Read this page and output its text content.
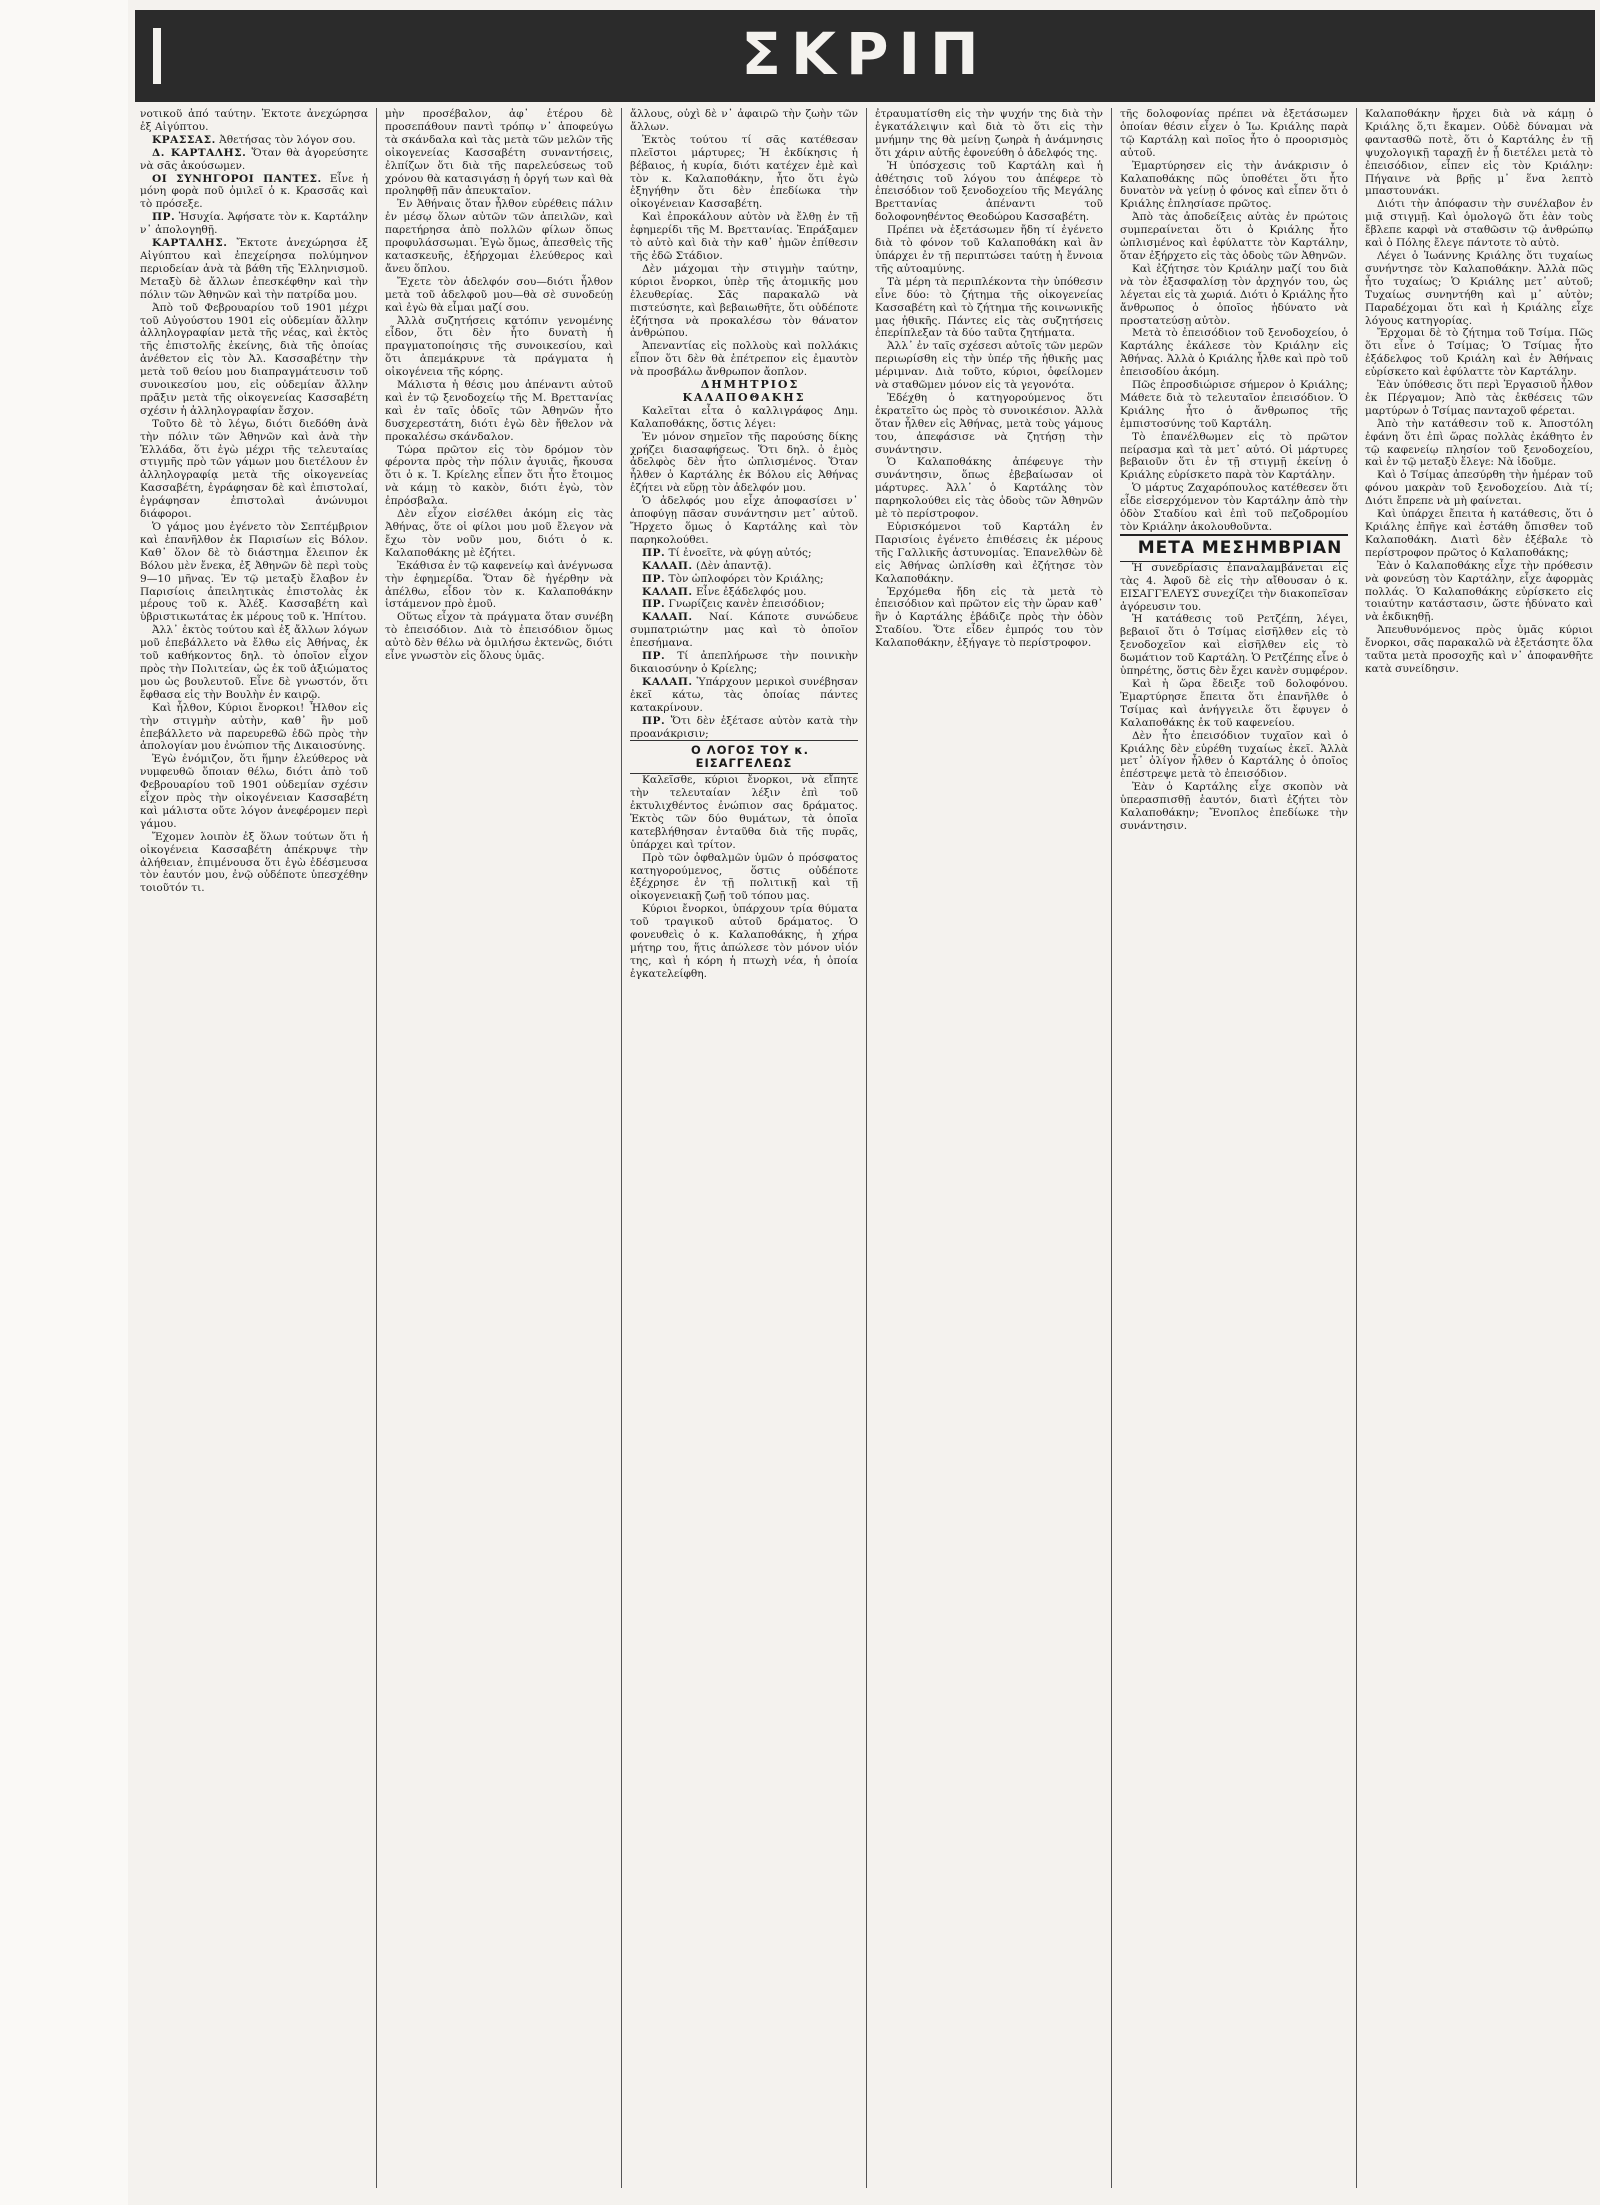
ΣΚΡΙΠ

νοτικοῦ ἀπό ταύτην. Ἐκτοτε ἀνεχώρησα ἐξ Αἰγύπτου.

ΚΡΑΣΣΑΣ. Ἀθετήσας τὸν λόγον σου.

Δ. ΚΑΡΤΑΛΗΣ. Ὅταν θὰ ἀγορεύσητε νὰ σᾶς ἀκούσωμεν.

ΟΙ ΣΥΝΗΓΟΡΟΙ ΠΑΝΤΕΣ. Εἶνε ἡ μόνη φορὰ ποῦ ὁμιλεῖ ὁ κ. Κρασσᾶς καὶ τὸ πρόσεξε.

ΠΡ. Ἡσυχία. Ἀφήσατε τὸν κ. Καρτάλην ν᾽ ἀπολογηθῇ.

ΚΑΡΤΑΛΗΣ. Ἔκτοτε ἀνεχώρησα ἐξ Αἰγύπτου καὶ ἐπεχείρησα πολύμηνον περιοδείαν ἀνὰ τὰ βάθη τῆς Ἑλληνισμοῦ. Μεταξὺ δὲ ἄλλων ἐπεσκέφθην καὶ τὴν πόλιν τῶν Ἀθηνῶν καὶ τὴν πατρίδα μου.

Ἀπὸ τοῦ Φεβρουαρίου τοῦ 1901 μέχρι τοῦ Αὐγούστου 1901 εἰς οὐδεμίαν ἄλλην ἀλληλογραφίαν μετὰ τῆς νέας, καὶ ἐκτὸς τῆς ἐπιστολῆς ἐκείνης, διὰ τῆς ὁποίας ἀνέθετον εἰς τὸν Ἀλ. Κασσαβέτην τὴν μετὰ τοῦ θείου μου διαπραγμάτευσιν τοῦ συνοικεσίου μου, εἰς οὐδεμίαν ἄλλην πρᾶξιν μετὰ τῆς οἰκογενείας Κασσαβέτη σχέσιν ἡ ἀλληλογραφίαν ἔσχον.

Τοῦτο δὲ τὸ λέγω, διότι διεδόθη ἀνὰ τὴν πόλιν τῶν Ἀθηνῶν καὶ ἀνὰ τὴν Ἑλλάδα, ὅτι ἐγὼ μέχρι τῆς τελευταίας στιγμῆς πρὸ τῶν γάμων μου διετέλουν ἐν ἀλληλογραφίᾳ μετὰ τῆς οἰκογενείας Κασσαβέτη, ἐγράφησαν δὲ καὶ ἐπιστολαί, ἐγράφησαν ἐπιστολαὶ ἀνώνυμοι διάφοροι.

Ὁ γάμος μου ἐγένετο τὸν Σεπτέμβριον καὶ ἐπανῆλθον ἐκ Παρισίων εἰς Βόλον. Καθ᾽ ὅλον δὲ τὸ διάστημα ἔλειπον ἐκ Βόλου μὲν ἔνεκα, ἐξ Ἀθηνῶν δὲ περὶ τοὺς 9—10 μῆνας. Ἐν τῷ μεταξὺ ἔλαβον ἐν Παρισίοις ἀπειλητικὰς ἐπιστολὰς ἐκ μέρους τοῦ κ. Ἀλέξ. Κασσαβέτη καὶ ὑβριστικωτάτας ἐκ μέρους τοῦ κ. Ἠπίτου.

Ἀλλ᾽ ἐκτὸς τούτου καὶ ἐξ ἄλλων λόγων μοῦ ἐπεβάλλετο νὰ ἔλθω εἰς Ἀθήνας, ἐκ τοῦ καθήκοντος δηλ. τὸ ὁποῖον εἶχον πρὸς τὴν Πολιτείαν, ὡς ἐκ τοῦ ἀξιώματος μου ὡς βουλευτοῦ. Εἶνε δὲ γνωστόν, ὅτι ἔφθασα εἰς τὴν Βουλὴν ἐν καιρῷ.

Καὶ ἦλθον, Κύριοι ἔνορκοι! Ἦλθον εἰς τὴν στιγμὴν αὐτὴν, καθ᾽ ἣν μοῦ ἐπεβάλλετο νὰ παρευρεθῶ ἐδῶ πρὸς τὴν ἀπολογίαν μου ἐνώπιον τῆς Δικαιοσύνης.

Ἐγὼ ἐνόμιζον, ὅτι ἥμην ἐλεύθερος νὰ νυμφευθῶ ὅποιαν θέλω, διότι ἀπὸ τοῦ Φεβρουαρίου τοῦ 1901 οὐδεμίαν σχέσιν εἶχον πρὸς τὴν οἰκογένειαν Κασσαβέτη καὶ μάλιστα οὔτε λόγον ἀνεφέρομεν περὶ γάμου.

Ἔχομεν λοιπὸν ἐξ ὅλων τούτων ὅτι ἡ οἰκογένεια Κασσαβέτη ἀπέκρυψε τὴν ἀλήθειαν, ἐπιμένουσα ὅτι ἐγὼ ἐδέσμευσα τὸν ἑαυτόν μου, ἐνῷ οὐδέποτε ὑπεσχέθην τοιοῦτόν τι.

μὴν προσέβαλον, ἀφ᾽ ἑτέρου δὲ προσεπάθουν παντὶ τρόπῳ ν᾽ ἀποφεύγω τὰ σκάνδαλα καὶ τὰς μετὰ τῶν μελῶν τῆς οἰκογενείας Κασσαβέτη συναντήσεις, ἐλπίζων ὅτι διὰ τῆς παρελεύσεως τοῦ χρόνου θὰ κατασιγάσῃ ἡ ὀργή των καὶ θὰ προληφθῇ πᾶν ἀπευκταῖον.

Ἐν Ἀθήναις ὅταν ἦλθον εὑρέθεις πάλιν ἐν μέσῳ ὅλων αὐτῶν τῶν ἀπειλῶν, καὶ παρετήρησα ἀπὸ πολλῶν φίλων ὅπως προφυλάσσωμαι. Ἐγὼ ὅμως, ἀπεσθεὶς τῆς κατασκευῆς, ἐξήρχομαι ἐλεύθερος καὶ ἄνευ ὅπλου.

Ἔχετε τὸν ἀδελφόν σου—διότι ἦλθον μετὰ τοῦ ἀδελφοῦ μου—θὰ σὲ συνοδεύῃ καὶ ἐγὼ θὰ εἶμαι μαζί σου.

Ἀλλὰ συζητήσεις κατόπιν γενομένης εἶδον, ὅτι δὲν ἦτο δυνατὴ ἡ πραγματοποίησις τῆς συνοικεσίου, καὶ ὅτι ἀπεμάκρυνε τὰ πράγματα ἡ οἰκογένεια τῆς κόρης.

Μάλιστα ἡ θέσις μου ἀπέναντι αὐτοῦ καὶ ἐν τῷ ξενοδοχείῳ τῆς Μ. Βρεττανίας καὶ ἐν ταῖς ὁδοῖς τῶν Ἀθηνῶν ἦτο δυσχερεστάτη, διότι ἐγὼ δὲν ἤθελον νὰ προκαλέσω σκάνδαλον.

Τώρα πρῶτον εἰς τὸν δρόμον τὸν φέροντα πρὸς τὴν πόλιν ἀγυιᾶς, ἤκουσα ὅτι ὁ κ. Ἰ. Κρίελης εἶπεν ὅτι ἦτο ἔτοιμος νὰ κάμῃ τὸ κακὸν, διότι ἐγὼ, τὸν ἐπρόσβαλα.

Δὲν εἶχον εἰσέλθει ἀκόμη εἰς τὰς Ἀθήνας, ὅτε οἱ φίλοι μου μοῦ ἔλεγον νὰ ἔχω τὸν νοῦν μου, διότι ὁ κ. Καλαποθάκης μὲ ἐζήτει.

Ἐκάθισα ἐν τῷ καφενείῳ καὶ ἀνέγνωσα τὴν ἐφημερίδα. Ὅταν δὲ ἠγέρθην νὰ ἀπέλθω, εἶδον τὸν κ. Καλαποθάκην ἱστάμενον πρὸ ἐμοῦ.

Οὕτως εἶχον τὰ πράγματα ὅταν συνέβη τὸ ἐπεισόδιον. Διὰ τὸ ἐπεισόδιον ὅμως αὐτὸ δὲν θέλω νὰ ὁμιλήσω ἐκτενῶς, διότι εἶνε γνωστὸν εἰς ὅλους ὑμᾶς.

ἄλλους, οὐχὶ δὲ ν᾽ ἀφαιρῶ τὴν ζωὴν τῶν ἄλλων.

Ἐκτὸς τούτου τί σᾶς κατέθεσαν πλεῖστοι μάρτυρες; Ἡ ἐκδίκησις ἡ βέβαιος, ἡ κυρία, διότι κατέχεν ἐμὲ καὶ τὸν κ. Καλαποθάκην, ἦτο ὅτι ἐγὼ ἐξηγήθην ὅτι δὲν ἐπεδίωκα τὴν οἰκογένειαν Κασσαβέτη.

Καὶ ἐπροκάλουν αὐτὸν νὰ ἔλθῃ ἐν τῇ ἐφημερίδι τῆς Μ. Βρεττανίας. Ἐπράξαμεν τὸ αὐτὸ καὶ διὰ τὴν καθ᾽ ἡμῶν ἐπίθεσιν τῆς ἐδῶ Στάδιον.

Δὲν μάχομαι τὴν στιγμὴν ταύτην, κύριοι ἔνορκοι, ὑπὲρ τῆς ἀτομικῆς μου ἐλευθερίας. Σᾶς παρακαλῶ νὰ πιστεύσητε, καὶ βεβαιωθῆτε, ὅτι οὐδέποτε ἐζήτησα νὰ προκαλέσω τὸν θάνατον ἀνθρώπου.

Ἀπεναντίας εἰς πολλοὺς καὶ πολλάκις εἶπον ὅτι δὲν θὰ ἐπέτρεπον εἰς ἐμαυτὸν νὰ προσβάλω ἄνθρωπον ἄοπλον.

ΔΗΜΗΤΡΙΟΣ ΚΑΛΑΠΟΘΑΚΗΣ

Καλεῖται εἶτα ὁ καλλιγράφος Δημ. Καλαποθάκης, ὅστις λέγει:

Ἐν μόνον σημεῖον τῆς παρούσης δίκης χρήζει διασαφήσεως. Ὅτι δηλ. ὁ ἐμὸς ἀδελφὸς δὲν ἦτο ὡπλισμένος. Ὅταν ἦλθεν ὁ Καρτάλης ἐκ Βόλου εἰς Ἀθήνας ἐζήτει νὰ εὕρῃ τὸν ἀδελφόν μου.

Ὁ ἀδελφός μου εἶχε ἀποφασίσει ν᾽ ἀποφύγῃ πᾶσαν συνάντησιν μετ᾽ αὐτοῦ. Ἤρχετο ὅμως ὁ Καρτάλης καὶ τὸν παρηκολούθει.

ΠΡ. Τί ἐνοεῖτε, νὰ φύγῃ αὐτός;

ΚΑΛΑΠ. (Δὲν ἀπαντᾷ).

ΠΡ. Τὸν ὡπλοφόρει τὸν Κριάλης;

ΚΑΛΑΠ. Εἶνε ἐξάδελφός μου.

ΠΡ. Γνωρίζεις κανὲν ἐπεισόδιον;

ΚΑΛΑΠ. Ναί. Κάποτε συνώδευε συμπατριώτην μας καὶ τὸ ὁποῖον ἐπεσήμανα.

ΠΡ. Τί ἀπεπλήρωσε τὴν ποινικὴν δικαιοσύνην ὁ Κρίελης;

ΚΑΛΑΠ. Ὑπάρχουν μερικοὶ συνέβησαν ἐκεῖ κάτω, τὰς ὁποίας πάντες κατακρίνουν.

ΠΡ. Ὅτι δὲν ἐξέτασε αὐτὸν κατὰ τὴν προανάκρισιν;

Ο ΛΟΓΟΣ ΤΟΥ κ. ΕΙΣΑΓΓΕΛΕΩΣ

Καλεῖσθε, κύριοι ἔνορκοι, νὰ εἴπητε τὴν τελευταίαν λέξιν ἐπὶ τοῦ ἐκτυλιχθέντος ἐνώπιον σας δράματος. Ἐκτὸς τῶν δύο θυμάτων, τὰ ὁποῖα κατεβλήθησαν ἐνταῦθα διὰ τῆς πυρᾶς, ὑπάρχει καὶ τρίτον.

Πρὸ τῶν ὀφθαλμῶν ὑμῶν ὁ πρόσφατος κατηγορούμενος, ὅστις οὐδέποτε ἐξέχρησε ἐν τῇ πολιτικῇ καὶ τῇ οἰκογενειακῇ ζωῇ τοῦ τόπου μας.

Κύριοι ἔνορκοι, ὑπάρχουν τρία θύματα τοῦ τραγικοῦ αὐτοῦ δράματος. Ὁ φονευθεὶς ὁ κ. Καλαποθάκης, ἡ χήρα μήτηρ του, ἥτις ἀπώλεσε τὸν μόνον υἱόν της, καὶ ἡ κόρη ἡ πτωχὴ νέα, ἡ ὁποία ἐγκατελείφθη.

ἐτραυματίσθη εἰς τὴν ψυχήν της διὰ τὴν ἐγκατάλειψιν καὶ διὰ τὸ ὅτι εἰς τὴν μνήμην της θὰ μείνῃ ζωηρὰ ἡ ἀνάμνησις ὅτι χάριν αὐτῆς ἐφονεύθη ὁ ἀδελφός της.

Ἡ ὑπόσχεσις τοῦ Καρτάλη καὶ ἡ ἀθέτησις τοῦ λόγου του ἀπέφερε τὸ ἐπεισόδιον τοῦ ξενοδοχείου τῆς Μεγάλης Βρεττανίας ἀπέναντι τοῦ δολοφονηθέντος Θεοδώρου Κασσαβέτη.

Πρέπει νὰ ἐξετάσωμεν ἤδη τί ἐγένετο διὰ τὸ φόνον τοῦ Καλαποθάκη καὶ ἂν ὑπάρχει ἐν τῇ περιπτώσει ταύτῃ ἡ ἔννοια τῆς αὐτοαμύνης.

Τὰ μέρη τὰ περιπλέκοντα τὴν ὑπόθεσιν εἶνε δύο: τὸ ζήτημα τῆς οἰκογενείας Κασσαβέτη καὶ τὸ ζήτημα τῆς κοινωνικῆς μας ἠθικῆς. Πάντες εἰς τὰς συζητήσεις ἐπερίπλεξαν τὰ δύο ταῦτα ζητήματα.

Ἀλλ᾽ ἐν ταῖς σχέσεσι αὐτοῖς τῶν μερῶν περιωρίσθη εἰς τὴν ὑπέρ τῆς ἠθικῆς μας μέριμναν. Διὰ τοῦτο, κύριοι, ὀφείλομεν νὰ σταθῶμεν μόνον εἰς τὰ γεγονότα.

Ἐδέχθη ὁ κατηγορούμενος ὅτι ἐκρατεῖτο ὡς πρὸς τὸ συνοικέσιον. Ἀλλὰ ὅταν ἦλθεν εἰς Ἀθήνας, μετὰ τοὺς γάμους του, ἀπεφάσισε νὰ ζητήσῃ τὴν συνάντησιν.

Ὁ Καλαποθάκης ἀπέφευγε τὴν συνάντησιν, ὅπως ἐβεβαίωσαν οἱ μάρτυρες. Ἀλλ᾽ ὁ Καρτάλης τὸν παρηκολούθει εἰς τὰς ὁδοὺς τῶν Ἀθηνῶν μὲ τὸ περίστροφον.

Εὑρισκόμενοι τοῦ Καρτάλη ἐν Παρισίοις ἐγένετο ἐπιθέσεις ἐκ μέρους τῆς Γαλλικῆς ἀστυνομίας. Ἐπανελθὼν δὲ εἰς Ἀθήνας ὡπλίσθη καὶ ἐζήτησε τὸν Καλαποθάκην.

Ἐρχόμεθα ἤδη εἰς τὰ μετὰ τὸ ἐπεισόδιον καὶ πρῶτον εἰς τὴν ὥραν καθ᾽ ἣν ὁ Καρτάλης ἐβάδιζε πρὸς τὴν ὁδὸν Σταδίου. Ὅτε εἶδεν ἐμπρός του τὸν Καλαποθάκην, ἐξήγαγε τὸ περίστροφον.

τῆς δολοφονίας πρέπει νὰ ἐξετάσωμεν ὁποίαν θέσιν εἶχεν ὁ Ἰω. Κριάλης παρὰ τῷ Καρτάλῃ καὶ ποῖος ἦτο ὁ προορισμὸς αὐτοῦ.

Ἐμαρτύρησεν εἰς τὴν ἀνάκρισιν ὁ Καλαποθάκης πῶς ὑποθέτει ὅτι ἦτο δυνατὸν νὰ γείνῃ ὁ φόνος καὶ εἶπεν ὅτι ὁ Κριάλης ἐπλησίασε πρῶτος.

Ἀπὸ τὰς ἀποδείξεις αὐτὰς ἐν πρώτοις συμπεραίνεται ὅτι ὁ Κριάλης ἦτο ὡπλισμένος καὶ ἐφύλαττε τὸν Καρτάλην, ὅταν ἐξήρχετο εἰς τὰς ὁδοὺς τῶν Ἀθηνῶν.

Καὶ ἐζήτησε τὸν Κριάλην μαζί του διὰ νὰ τὸν ἐξασφαλίσῃ τὸν ἀρχηγόν του, ὡς λέγεται εἰς τὰ χωριά. Διότι ὁ Κριάλης ἦτο ἄνθρωπος ὁ ὁποῖος ἠδύνατο νὰ προστατεύσῃ αὐτὸν.

Μετὰ τὸ ἐπεισόδιον τοῦ ξενοδοχείου, ὁ Καρτάλης ἐκάλεσε τὸν Κριάλην εἰς Ἀθήνας. Ἀλλὰ ὁ Κριάλης ἦλθε καὶ πρὸ τοῦ ἐπεισοδίου ἀκόμη.

Πῶς ἐπροσδιώρισε σήμερον ὁ Κριάλης; Μάθετε διὰ τὸ τελευταῖον ἐπεισόδιον. Ὁ Κριάλης ἦτο ὁ ἄνθρωπος τῆς ἐμπιστοσύνης τοῦ Καρτάλη.

Τὸ ἐπανέλθωμεν εἰς τὸ πρῶτον πείρασμα καὶ τὰ μετ᾽ αὐτό. Οἱ μάρτυρες βεβαιοῦν ὅτι ἐν τῇ στιγμῇ ἐκείνῃ ὁ Κριάλης εὑρίσκετο παρὰ τὸν Καρτάλην.

Ὁ μάρτυς Ζαχαρόπουλος κατέθεσεν ὅτι εἶδε εἰσερχόμενον τὸν Καρτάλην ἀπὸ τὴν ὁδὸν Σταδίου καὶ ἐπὶ τοῦ πεζοδρομίου τὸν Κριάλην ἀκολουθοῦντα.

ΜΕΤΑ ΜΕΣΗΜΒΡΙΑΝ

Ἡ συνεδρίασις ἐπαναλαμβάνεται εἰς τὰς 4. Ἀφοῦ δὲ εἰς τὴν αἴθουσαν ὁ κ. ΕΙΣΑΓΓΕΛΕΥΣ συνεχίζει τὴν διακοπεῖσαν ἀγόρευσιν του.

Ἡ κατάθεσις τοῦ Ρετζέπη, λέγει, βεβαιοῖ ὅτι ὁ Τσίμας εἰσῆλθεν εἰς τὸ ξενοδοχεῖον καὶ εἰσῆλθεν εἰς τὸ δωμάτιον τοῦ Καρτάλη. Ὁ Ρετζέπης εἶνε ὁ ὑπηρέτης, ὅστις δὲν ἔχει κανὲν συμφέρον.

Καὶ ἡ ὥρα ἔδειξε τοῦ δολοφόνου. Ἐμαρτύρησε ἔπειτα ὅτι ἐπανῆλθε ὁ Τσίμας καὶ ἀνήγγειλε ὅτι ἔφυγεν ὁ Καλαποθάκης ἐκ τοῦ καφενείου.

Δὲν ἦτο ἐπεισόδιον τυχαῖον καὶ ὁ Κριάλης δὲν εὑρέθη τυχαίως ἐκεῖ. Ἀλλὰ μετ᾽ ὀλίγον ἦλθεν ὁ Καρτάλης ὁ ὁποῖος ἐπέστρεψε μετὰ τὸ ἐπεισόδιον.

Ἐὰν ὁ Καρτάλης εἶχε σκοπὸν νὰ ὑπερασπισθῇ ἑαυτόν, διατὶ ἐζήτει τὸν Καλαποθάκην; Ἔνοπλος ἐπεδίωκε τὴν συνάντησιν.

Καλαποθάκην ἤρχει διὰ νὰ κάμῃ ὁ Κριάλης ὅ,τι ἔκαμεν. Οὐδὲ δύναμαι νὰ φαντασθῶ ποτὲ, ὅτι ὁ Καρτάλης ἐν τῇ ψυχολογικῇ ταραχῇ ἐν ᾗ διετέλει μετὰ τὸ ἐπεισόδιον, εἶπεν εἰς τὸν Κριάλην: Πήγαινε νὰ βρῇς μ᾽ ἕνα λεπτὸ μπαστουνάκι.

Διότι τὴν ἀπόφασιν τὴν συνέλαβον ἐν μιᾷ στιγμῇ. Καὶ ὁμολογῶ ὅτι ἐὰν τοὺς ἔβλεπε καρφὶ νὰ σταθῶσιν τῷ ἀνθρώπῳ καὶ ὁ Πόλης ἔλεγε πάντοτε τὸ αὐτὸ.

Λέγει ὁ Ἰωάννης Κριάλης ὅτι τυχαίως συνήντησε τὸν Καλαποθάκην. Ἀλλὰ πῶς ἦτο τυχαίως; Ὁ Κριάλης μετ᾽ αὐτοῦ; Τυχαίως συνηντήθη καὶ μ᾽ αὐτὸν; Παραδέχομαι ὅτι καὶ ἡ Κριάλης εἶχε λόγους κατηγορίας.

Ἔρχομαι δὲ τὸ ζήτημα τοῦ Τσίμα. Πῶς ὅτι εἶνε ὁ Τσίμας; Ὁ Τσίμας ἦτο ἐξάδελφος τοῦ Κριάλη καὶ ἐν Ἀθήναις εὑρίσκετο καὶ ἐφύλαττε τὸν Καρτάλην.

Ἐὰν ὑπόθεσις ὅτι περὶ Ἐργασιοῦ ἦλθον ἐκ Πέργαμον; Ἀπὸ τὰς ἐκθέσεις τῶν μαρτύρων ὁ Τσίμας πανταχοῦ φέρεται.

Ἀπὸ τὴν κατάθεσιν τοῦ κ. Ἀποστόλη ἐφάνη ὅτι ἐπὶ ὥρας πολλὰς ἐκάθητο ἐν τῷ καφενείῳ πλησίον τοῦ ξενοδοχείου, καὶ ἐν τῷ μεταξὺ ἔλεγε: Νὰ ἰδοῦμε.

Καὶ ὁ Τσίμας ἀπεσύρθη τὴν ἡμέραν τοῦ φόνου μακρὰν τοῦ ξενοδοχείου. Διὰ τί; Διότι ἔπρεπε νὰ μὴ φαίνεται.

Καὶ ὑπάρχει ἔπειτα ἡ κατάθεσις, ὅτι ὁ Κριάλης ἐπῆγε καὶ ἐστάθη ὄπισθεν τοῦ Καλαποθάκη. Διατὶ δὲν ἐξέβαλε τὸ περίστροφον πρῶτος ὁ Καλαποθάκης;

Ἐὰν ὁ Καλαποθάκης εἶχε τὴν πρόθεσιν νὰ φονεύσῃ τὸν Καρτάλην, εἶχε ἀφορμὰς πολλάς. Ὁ Καλαποθάκης εὑρίσκετο εἰς τοιαύτην κατάστασιν, ὥστε ἠδύνατο καὶ νὰ ἐκδικηθῇ.

Ἀπευθυνόμενος πρὸς ὑμᾶς κύριοι ἔνορκοι, σᾶς παρακαλῶ νὰ ἐξετάσητε ὅλα ταῦτα μετὰ προσοχῆς καὶ ν᾽ ἀποφανθῆτε κατὰ συνείδησιν.
